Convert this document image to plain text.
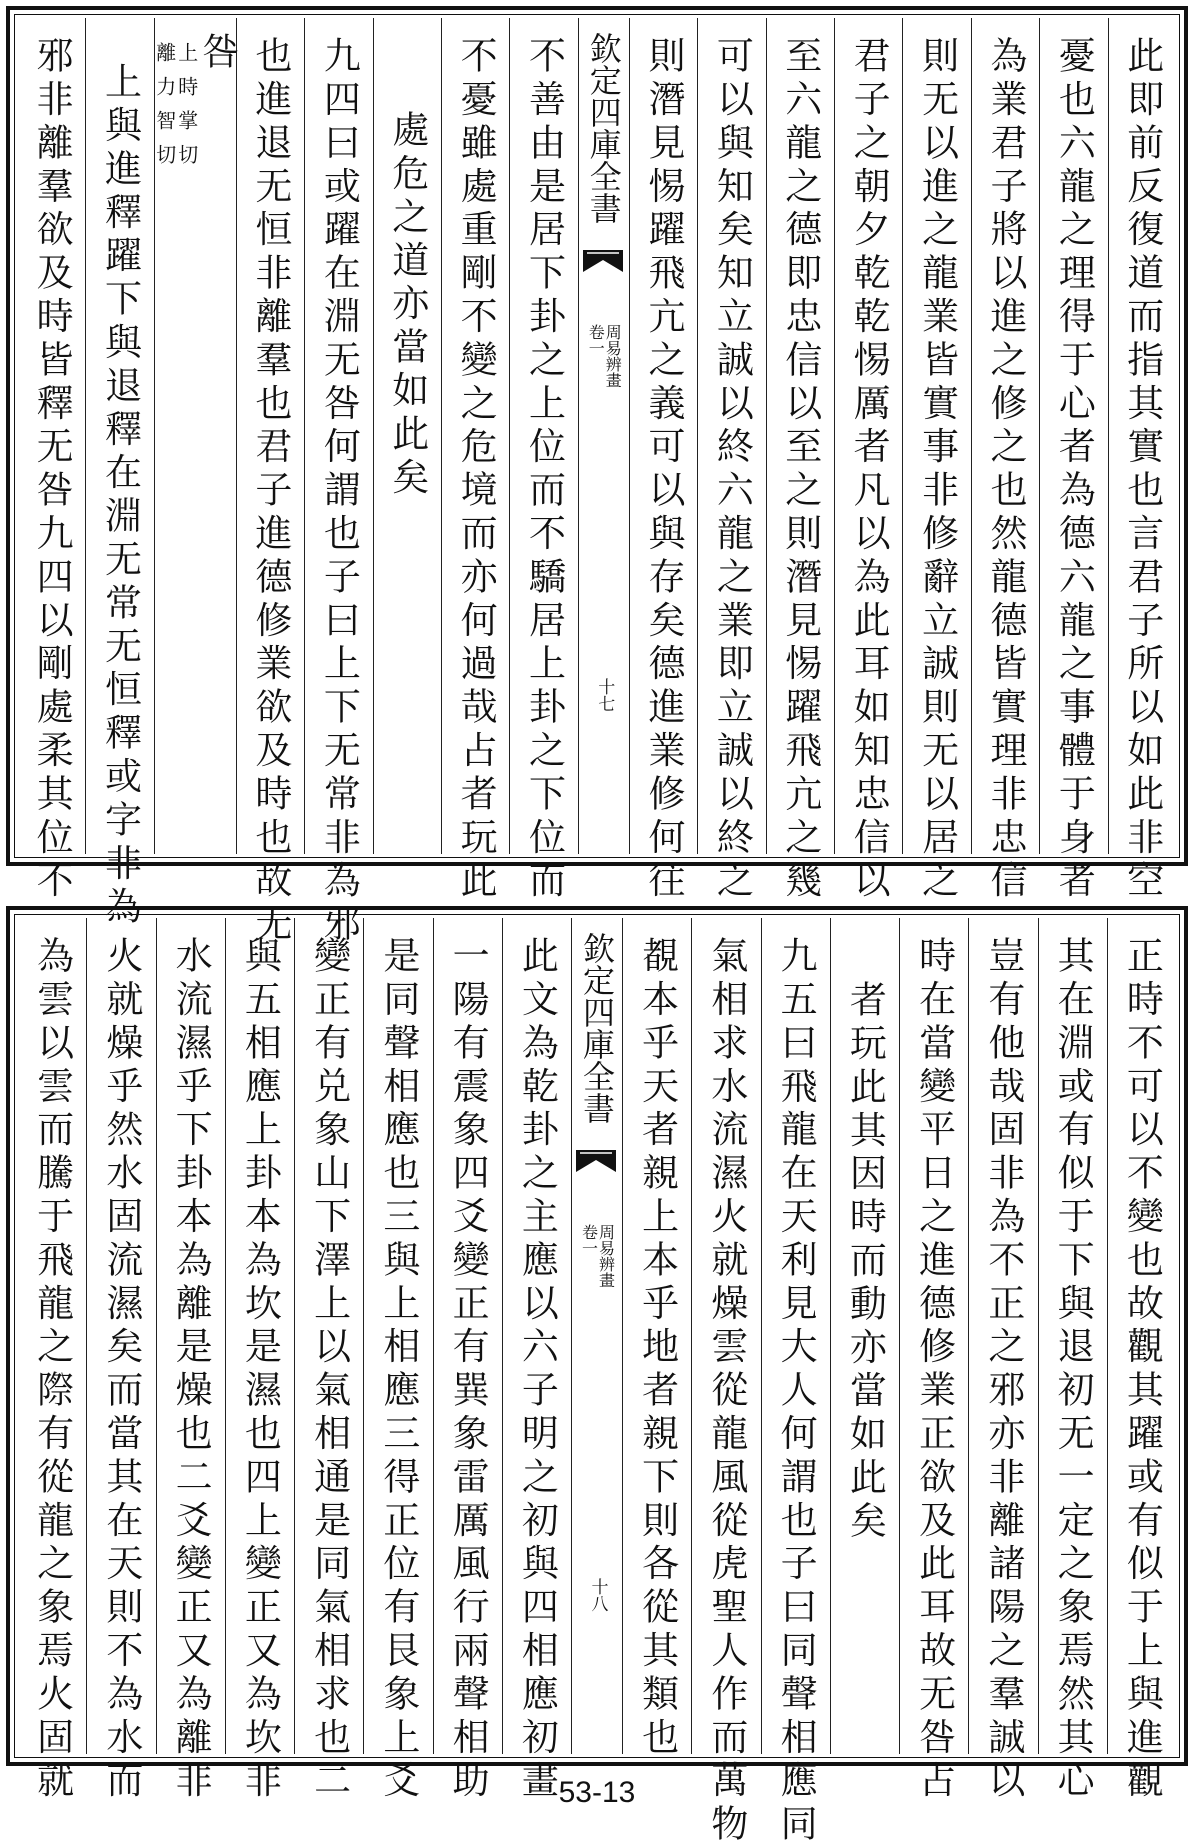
此即前反復道而指其實也言君子所以如此非空
憂也六龍之理得于心者為德六龍之事體于身者
為業君子將以進之修之也然龍德皆實理非忠信
則无以進之龍業皆實事非修辭立誠則无以居之
君子之朝夕乾乾惕厲者凡以為此耳如知忠信以
至六龍之德即忠信以至之則潛見惕躍飛亢之幾
可以與知矣知立誠以終六龍之業即立誠以終之
則潛見惕躍飛亢之義可以與存矣德進業修何往
欽定四庫全書
周易辨畫
卷一
十七
不善由是居下卦之上位而不驕居上卦之下位而
不憂雖處重剛不變之危境而亦何過哉占者玩此
處危之道亦當如此矣
九四曰或躍在淵无咎何謂也子曰上下无常非為邪
也進退无恒非離羣也君子進德修業欲及時也故无
咎
上時掌切
離力智切
上與進釋躍下與退釋在淵无常无恒釋或字非為
邪非離羣欲及時皆釋无咎九四以剛處柔其位不
正時不可以不變也故觀其躍或有似于上與進觀
其在淵或有似于下與退初无一定之象焉然其心
豈有他哉固非為不正之邪亦非離諸陽之羣誠以
時在當變平日之進德修業正欲及此耳故无咎占
者玩此其因時而動亦當如此矣
九五曰飛龍在天利見大人何謂也子曰同聲相應同
氣相求水流濕火就燥雲從龍風從虎聖人作而萬物
覩本乎天者親上本乎地者親下則各從其類也
欽定四庫全書
周易辨畫
卷一
十八
此文為乾卦之主應以六子明之初與四相應初畫
一陽有震象四爻變正有巽象雷厲風行兩聲相助
是同聲相應也三與上相應三得正位有艮象上爻
變正有兑象山下澤上以氣相通是同氣相求也二
與五相應上卦本為坎是濕也四上變正又為坎非
水流濕乎下卦本為離是燥也二爻變正又為離非
火就燥乎然水固流濕矣而當其在天則不為水而
為雲以雲而騰于飛龍之際有從龍之象焉火固就	53-13
